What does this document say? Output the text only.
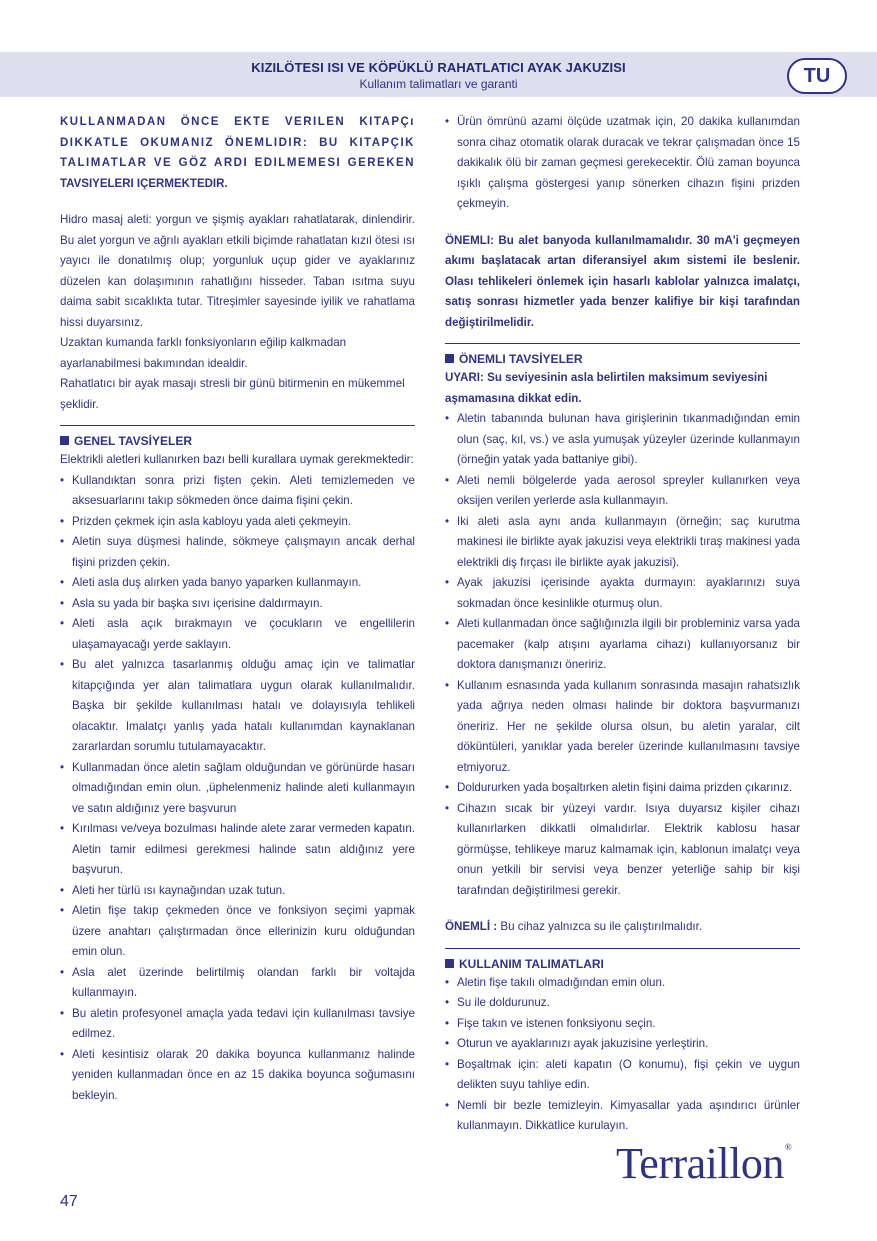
KIZILÖTESI ISI VE KÖPÜKLÜ RAHATLATICI AYAK JAKUZISI
Kullanım talimatları ve garanti	TU

KULLANMADAN ÖNCE EKTE VERILEN KITAPÇı DIKKATLE OKUMANIZ ÖNEMLIDIR: BU KITAPÇIK TALIMATLAR VE GÖZ ARDI EDILMEMESI GEREKEN TAVSIYELERI IÇERMEKTEDIR.

Hidro masaj aleti: yorgun ve şişmiş ayakları rahatlatarak, dinlendirir. Bu alet yorgun ve ağrılı ayakları etkili biçimde rahatlatan kızıl ötesi ısı yayıcı ile donatılmış olup; yorgunluk uçup gider ve ayaklarınız düzelen kan dolaşımının rahatlığını hisseder. Taban ısıtma suyu daima sabit sıcaklıkta tutar. Titreşimler sayesinde iyilik ve rahatlama hissi duyarsınız.

Uzaktan kumanda farklı fonksiyonların eğilip kalkmadan ayarlanabilmesi bakımından idealdir.

Rahatlatıcı bir ayak masajı stresli bir günü bitirmenin en mükemmel şeklidir.

GENEL TAVSİYELER

Elektrikli aletleri kullanırken bazı belli kurallara uymak gerekmektedir:

• Kullandıktan sonra prizi fişten çekin. Aleti temizlemeden ve aksesuarlarını takıp sökmeden önce daima fişini çekin.
• Prizden çekmek için asla kabloyu yada aleti çekmeyin.
• Aletin suya düşmesi halinde, sökmeye çalışmayın ancak derhal fişini prizden çekin.
• Aleti asla duş alırken yada banyo yaparken kullanmayın.
• Asla su yada bir başka sıvı içerisine daldırmayın.
• Aleti asla açık bırakmayın ve çocukların ve engellilerin ulaşamayacağı yerde saklayın.
• Bu alet yalnızca tasarlanmış olduğu amaç için ve talimatlar kitapçığında yer alan talimatlara uygun olarak kullanılmalıdır. Başka bir şekilde kullanılması hatalı ve dolayısıyla tehlikeli olacaktır. Imalatçı yanlış yada hatalı kullanımdan kaynaklanan zararlardan sorumlu tutulamayacaktır.
• Kullanmadan önce aletin sağlam olduğundan ve görünürde hasarı olmadığından emin olun. ,üphelenmeniz halinde aleti kullanmayın ve satın aldığınız yere başvurun
• Kırılması ve/veya bozulması halinde alete zarar vermeden kapatın. Aletin tamir edilmesi gerekmesi halinde satın aldığınız yere başvurun.
• Aleti her türlü ısı kaynağından uzak tutun.
• Aletin fişe takıp çekmeden önce ve fonksiyon seçimi yapmak üzere anahtarı çalıştırmadan önce ellerinizin kuru olduğundan emin olun.
• Asla alet üzerinde belirtilmiş olandan farklı bir voltajda kullanmayın.
• Bu aletin profesyonel amaçla yada tedavi için kullanılması tavsiye edilmez.
• Aleti kesintisiz olarak 20 dakika boyunca kullanmanız halinde yeniden kullanmadan önce en az 15 dakika boyunca soğumasını bekleyin.
• Ürün ömrünü azami ölçüde uzatmak için, 20 dakika kullanımdan sonra cihaz otomatik olarak duracak ve tekrar çalışmadan önce 15 dakikalık ölü bir zaman geçmesi gerekecektir. Ölü zaman boyunca ışıklı çalışma göstergesi yanıp sönerken cihazın fişini prizden çekmeyin.

ÖNEMLI: Bu alet banyoda kullanılmamalıdır. 30 mA'i geçmeyen akımı başlatacak artan diferansiyel akım sistemi ile beslenir. Olası tehlikeleri önlemek için hasarlı kablolar yalnızca imalatçı, satış sonrası hizmetler yada benzer kalifiye bir kişi tarafından değiştirilmelidir.

ÖNEMLI TAVSİYELER

UYARI: Su seviyesinin asla belirtilen maksimum seviyesini aşmamasına dikkat edin.

• Aletin tabanında bulunan hava girişlerinin tıkanmadığından emin olun (saç, kıl, vs.) ve asla yumuşak yüzeyler üzerinde kullanmayın (örneğin yatak yada battaniye gibi).
• Aleti nemli bölgelerde yada aerosol spreyler kullanırken veya oksijen verilen yerlerde asla kullanmayın.
• Iki aleti asla aynı anda kullanmayın (örneğin; saç kurutma makinesi ile birlikte ayak jakuzisi veya elektrikli tıraş makinesi yada elektrikli diş fırçası ile birlikte ayak jakuzisi).
• Ayak jakuzisi içerisinde ayakta durmayın: ayaklarınızı suya sokmadan önce kesinlikle oturmuş olun.
• Aleti kullanmadan önce sağlığınızla ilgili bir probleminiz varsa yada pacemaker (kalp atışını ayarlama cihazı) kullanıyorsanız bir doktora danışmanızı öneririz.
• Kullanım esnasında yada kullanım sonrasında masajın rahatsızlık yada ağrıya neden olması halinde bir doktora başvurmanızı öneririz. Her ne şekilde olursa olsun, bu aletin yaralar, cilt döküntüleri, yanıklar yada bereler üzerinde kullanılmasını tavsiye etmiyoruz.
• Doldururken yada boşaltırken aletin fişini daima prizden çıkarınız.
• Cihazın sıcak bir yüzeyi vardır. Isıya duyarsız kişiler cihazı kullanırlarken dikkatli olmalıdırlar. Elektrik kablosu hasar görmüşse, tehlikeye maruz kalmamak için, kablonun imalatçı veya onun yetkili bir servisi veya benzer yeterliğe sahip bir kişi tarafından değiştirilmesi gerekir.

ÖNEMLİ : Bu cihaz yalnızca su ile çalıştırılmalıdır.

KULLANIM TALIMATLARI
• Aletin fişe takılı olmadığından emin olun.
• Su ile doldurunuz.
• Fişe takın ve istenen fonksiyonu seçin.
• Oturun ve ayaklarınızı ayak jakuzisine yerleştirin.
• Boşaltmak için: aleti kapatın (O konumu), fişi çekin ve uygun delikten suyu tahliye edin.
• Nemli bir bezle temizleyin. Kimyasallar yada aşındırıcı ürünler kullanmayın. Dikkatlice kurulayın.
Terraillon®
47
